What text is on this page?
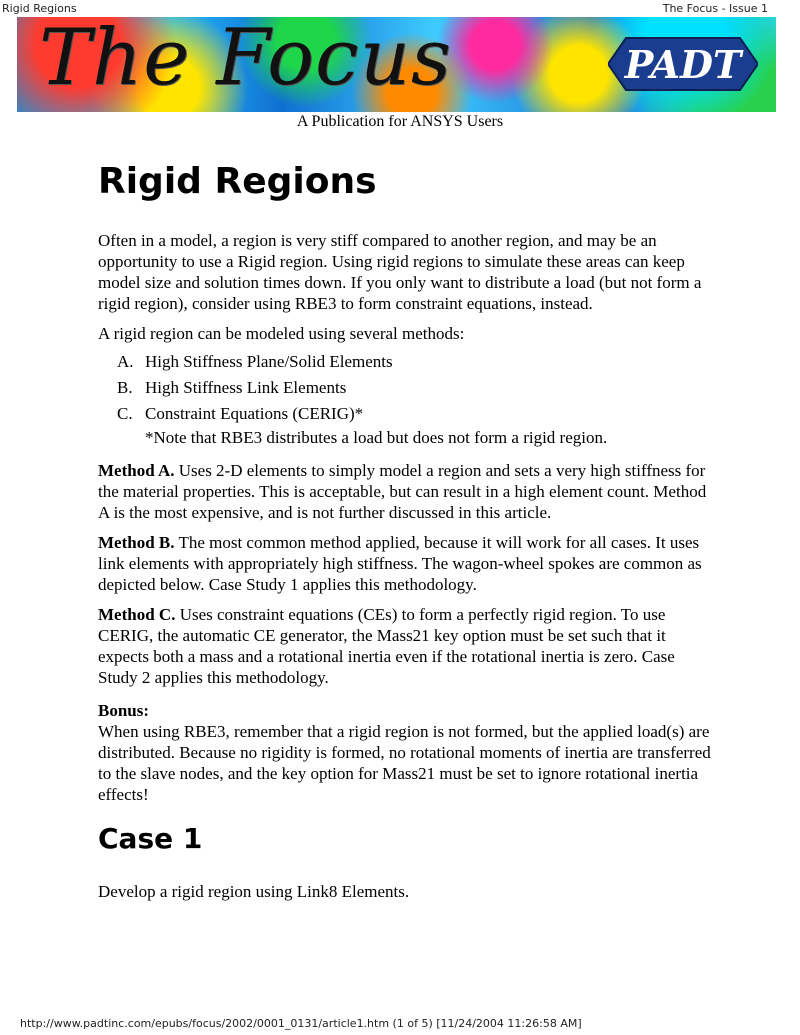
Rigid Regions	The Focus - Issue 1
The Focus	PADT
A Publication for ANSYS Users
Rigid Regions

Often in a model, a region is very stiff compared to another region, and may be an opportunity to use a Rigid region. Using rigid regions to simulate these areas can keep model size and solution times down. If you only want to distribute a load (but not form a rigid region), consider using RBE3 to form constraint equations, instead.

A rigid region can be modeled using several methods:

A. High Stiffness Plane/Solid Elements
B. High Stiffness Link Elements
C. Constraint Equations (CERIG)*
*Note that RBE3 distributes a load but does not form a rigid region.

Method A. Uses 2-D elements to simply model a region and sets a very high stiffness for the material properties. This is acceptable, but can result in a high element count. Method A is the most expensive, and is not further discussed in this article.

Method B. The most common method applied, because it will work for all cases. It uses link elements with appropriately high stiffness. The wagon-wheel spokes are common as depicted below. Case Study 1 applies this methodology.

Method C. Uses constraint equations (CEs) to form a perfectly rigid region. To use CERIG, the automatic CE generator, the Mass21 key option must be set such that it expects both a mass and a rotational inertia even if the rotational inertia is zero. Case Study 2 applies this methodology.

Bonus:
When using RBE3, remember that a rigid region is not formed, but the applied load(s) are distributed. Because no rigidity is formed, no rotational moments of inertia are transferred to the slave nodes, and the key option for Mass21 must be set to ignore rotational inertia effects!

Case 1

Develop a rigid region using Link8 Elements.

http://www.padtinc.com/epubs/focus/2002/0001_0131/article1.htm (1 of 5) [11/24/2004 11:26:58 AM]
